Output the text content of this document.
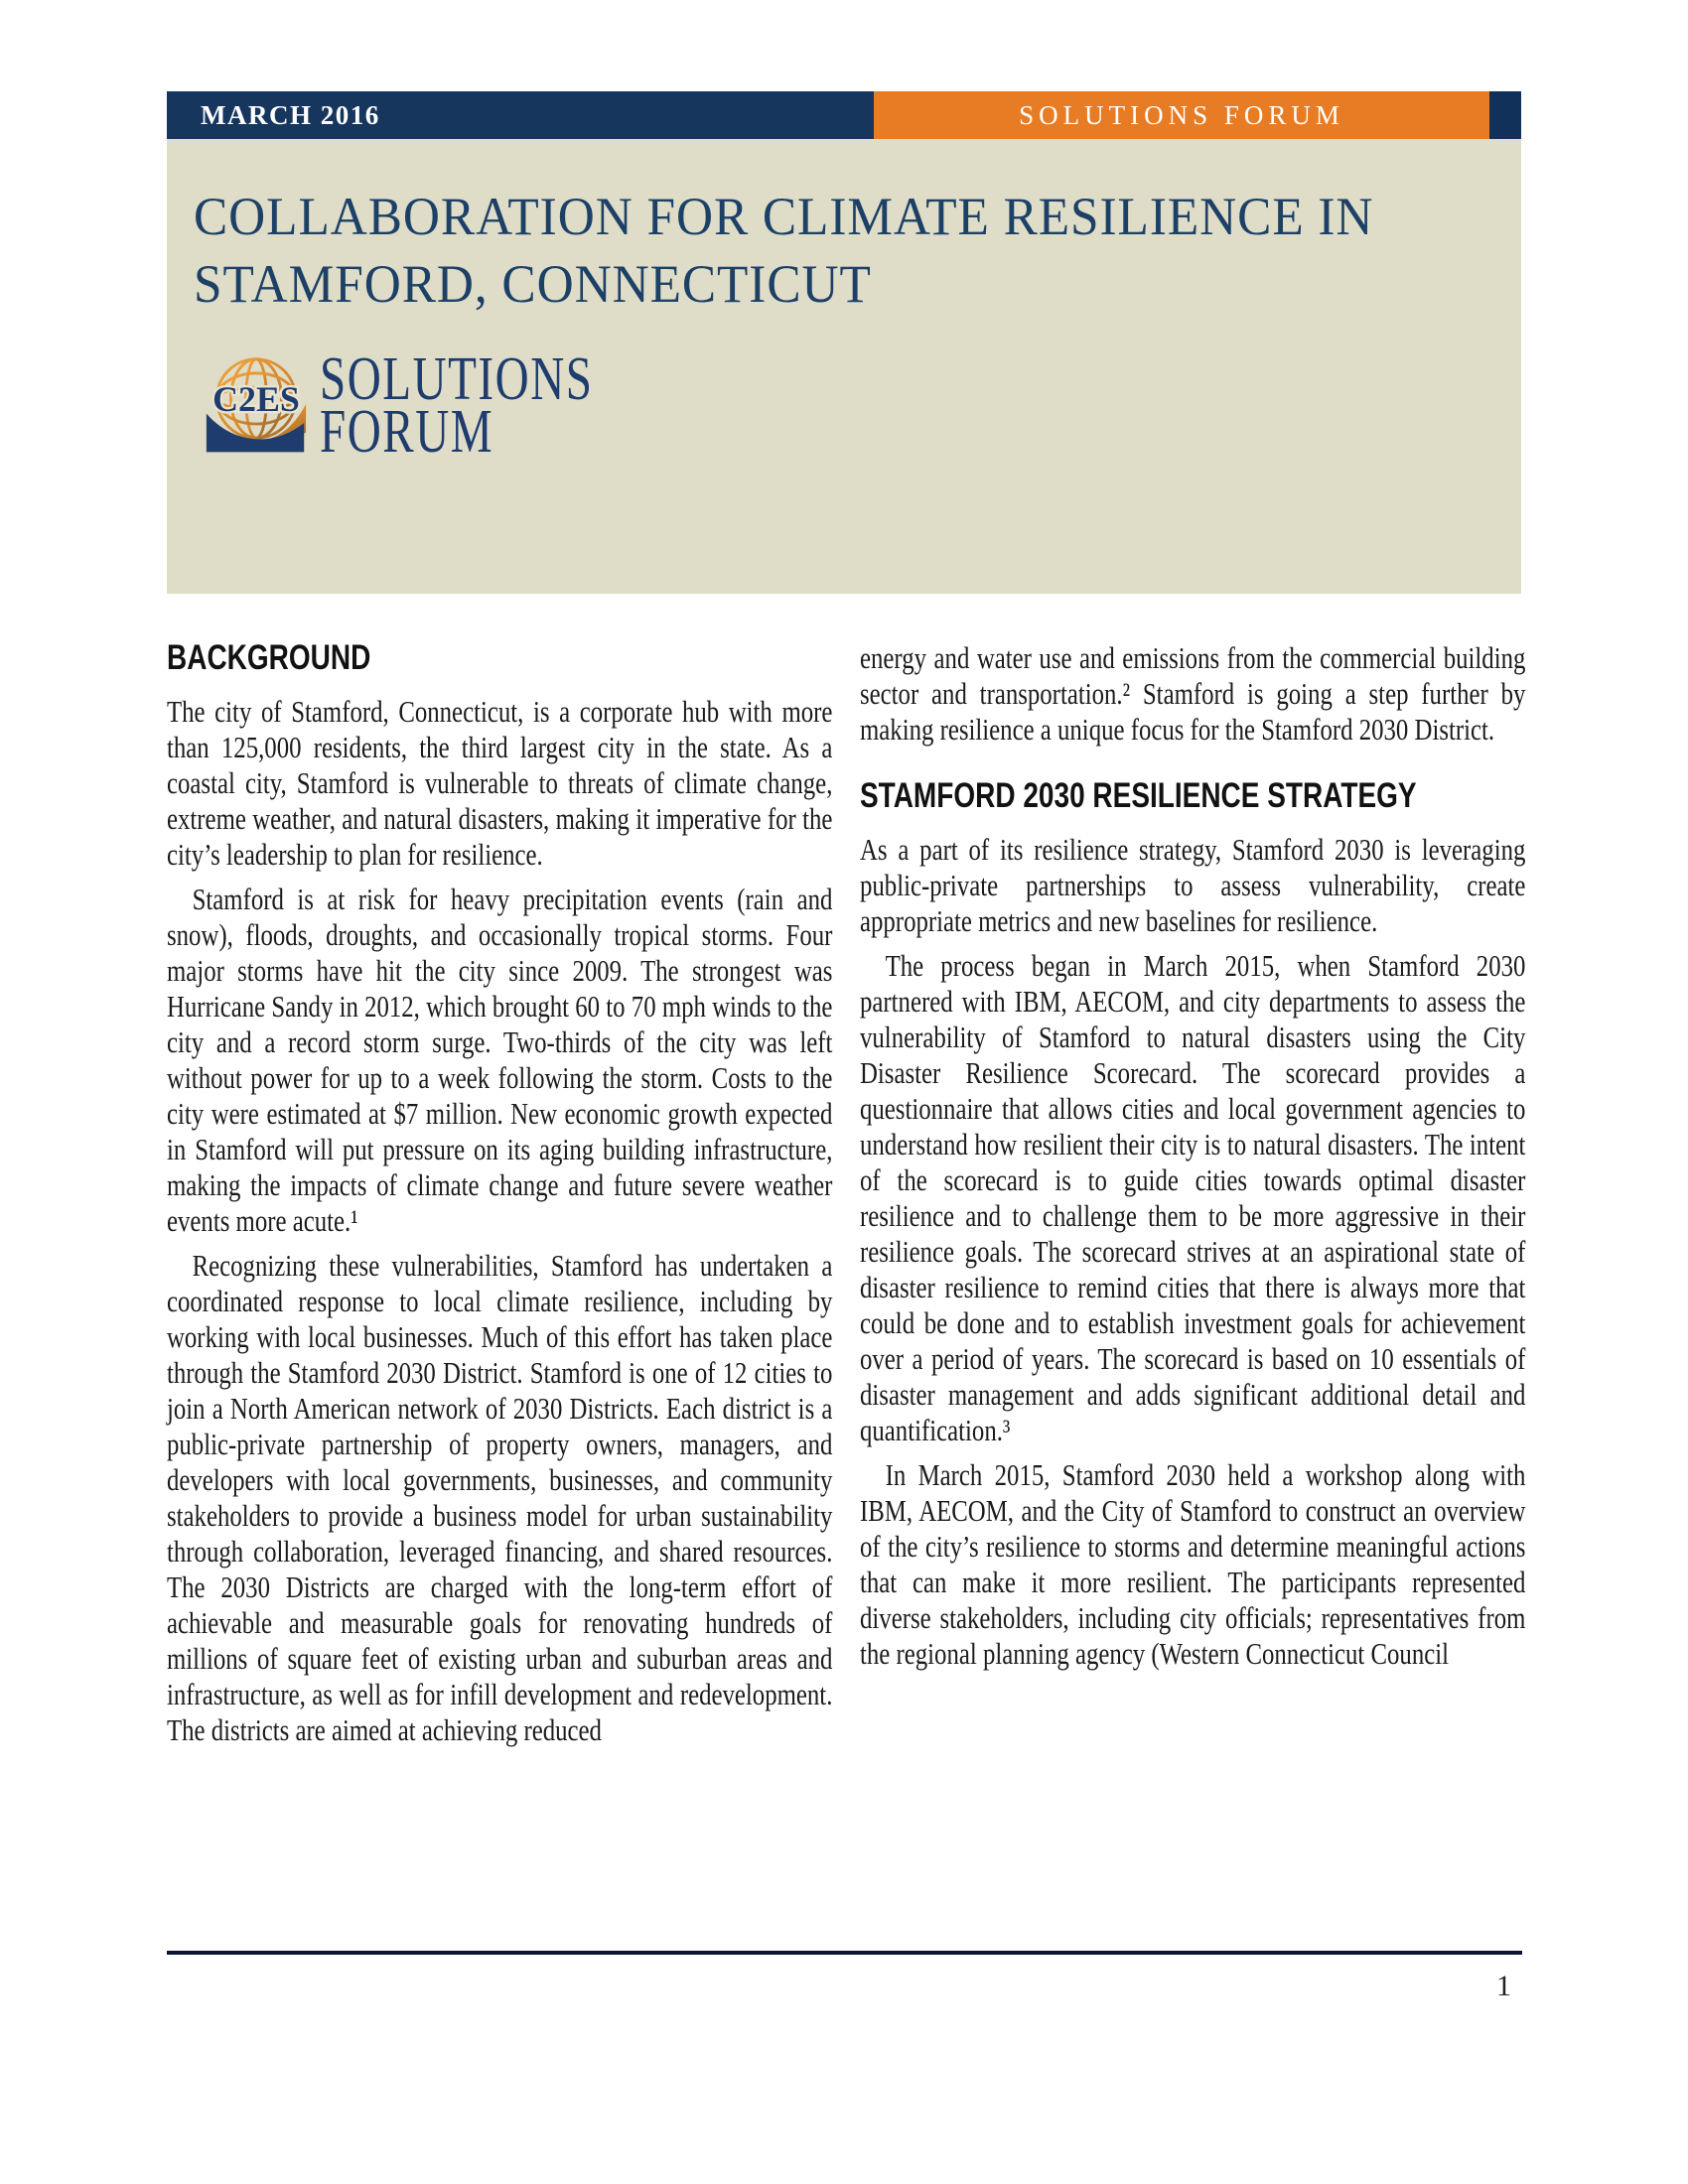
MARCH 2016	SOLUTIONS FORUM
COLLABORATION FOR CLIMATE RESILIENCE IN
STAMFORD, CONNECTICUT
C2ES SOLUTIONS
FORUM
BACKGROUND

The city of Stamford, Connecticut, is a corporate hub with more than 125,000 residents, the third largest city in the state. As a coastal city, Stamford is vulnerable to threats of climate change, extreme weather, and natural disasters, making it imperative for the city’s leadership to plan for resilience.

Stamford is at risk for heavy precipitation events (rain and snow), floods, droughts, and occasionally tropical storms. Four major storms have hit the city since 2009. The strongest was Hurricane Sandy in 2012, which brought 60 to 70 mph winds to the city and a record storm surge. Two-thirds of the city was left without power for up to a week following the storm. Costs to the city were estimated at $7 million. New economic growth expected in Stamford will put pressure on its aging building infrastructure, making the impacts of climate change and future severe weather events more acute.¹

Recognizing these vulnerabilities, Stamford has undertaken a coordinated response to local climate resilience, including by working with local businesses. Much of this effort has taken place through the Stamford 2030 District. Stamford is one of 12 cities to join a North American network of 2030 Districts. Each district is a public-private partnership of property owners, managers, and developers with local governments, businesses, and community stakeholders to provide a business model for urban sustainability through collaboration, leveraged financing, and shared resources. The 2030 Districts are charged with the long-term effort of achievable and measurable goals for renovating hundreds of millions of square feet of existing urban and suburban areas and infrastructure, as well as for infill development and redevelopment. The districts are aimed at achieving reduced

energy and water use and emissions from the commercial building sector and transportation.² Stamford is going a step further by making resilience a unique focus for the Stamford 2030 District.

STAMFORD 2030 RESILIENCE STRATEGY

As a part of its resilience strategy, Stamford 2030 is leveraging public-private partnerships to assess vulnerability, create appropriate metrics and new baselines for resilience.

The process began in March 2015, when Stamford 2030 partnered with IBM, AECOM, and city departments to assess the vulnerability of Stamford to natural disasters using the City Disaster Resilience Scorecard. The scorecard provides a questionnaire that allows cities and local government agencies to understand how resilient their city is to natural disasters. The intent of the scorecard is to guide cities towards optimal disaster resilience and to challenge them to be more aggressive in their resilience goals. The scorecard strives at an aspirational state of disaster resilience to remind cities that there is always more that could be done and to establish investment goals for achievement over a period of years. The scorecard is based on 10 essentials of disaster management and adds significant additional detail and quantification.³

In March 2015, Stamford 2030 held a workshop along with IBM, AECOM, and the City of Stamford to construct an overview of the city’s resilience to storms and determine meaningful actions that can make it more resilient. The participants represented diverse stakeholders, including city officials; representatives from the regional planning agency (Western Connecticut Council

1
